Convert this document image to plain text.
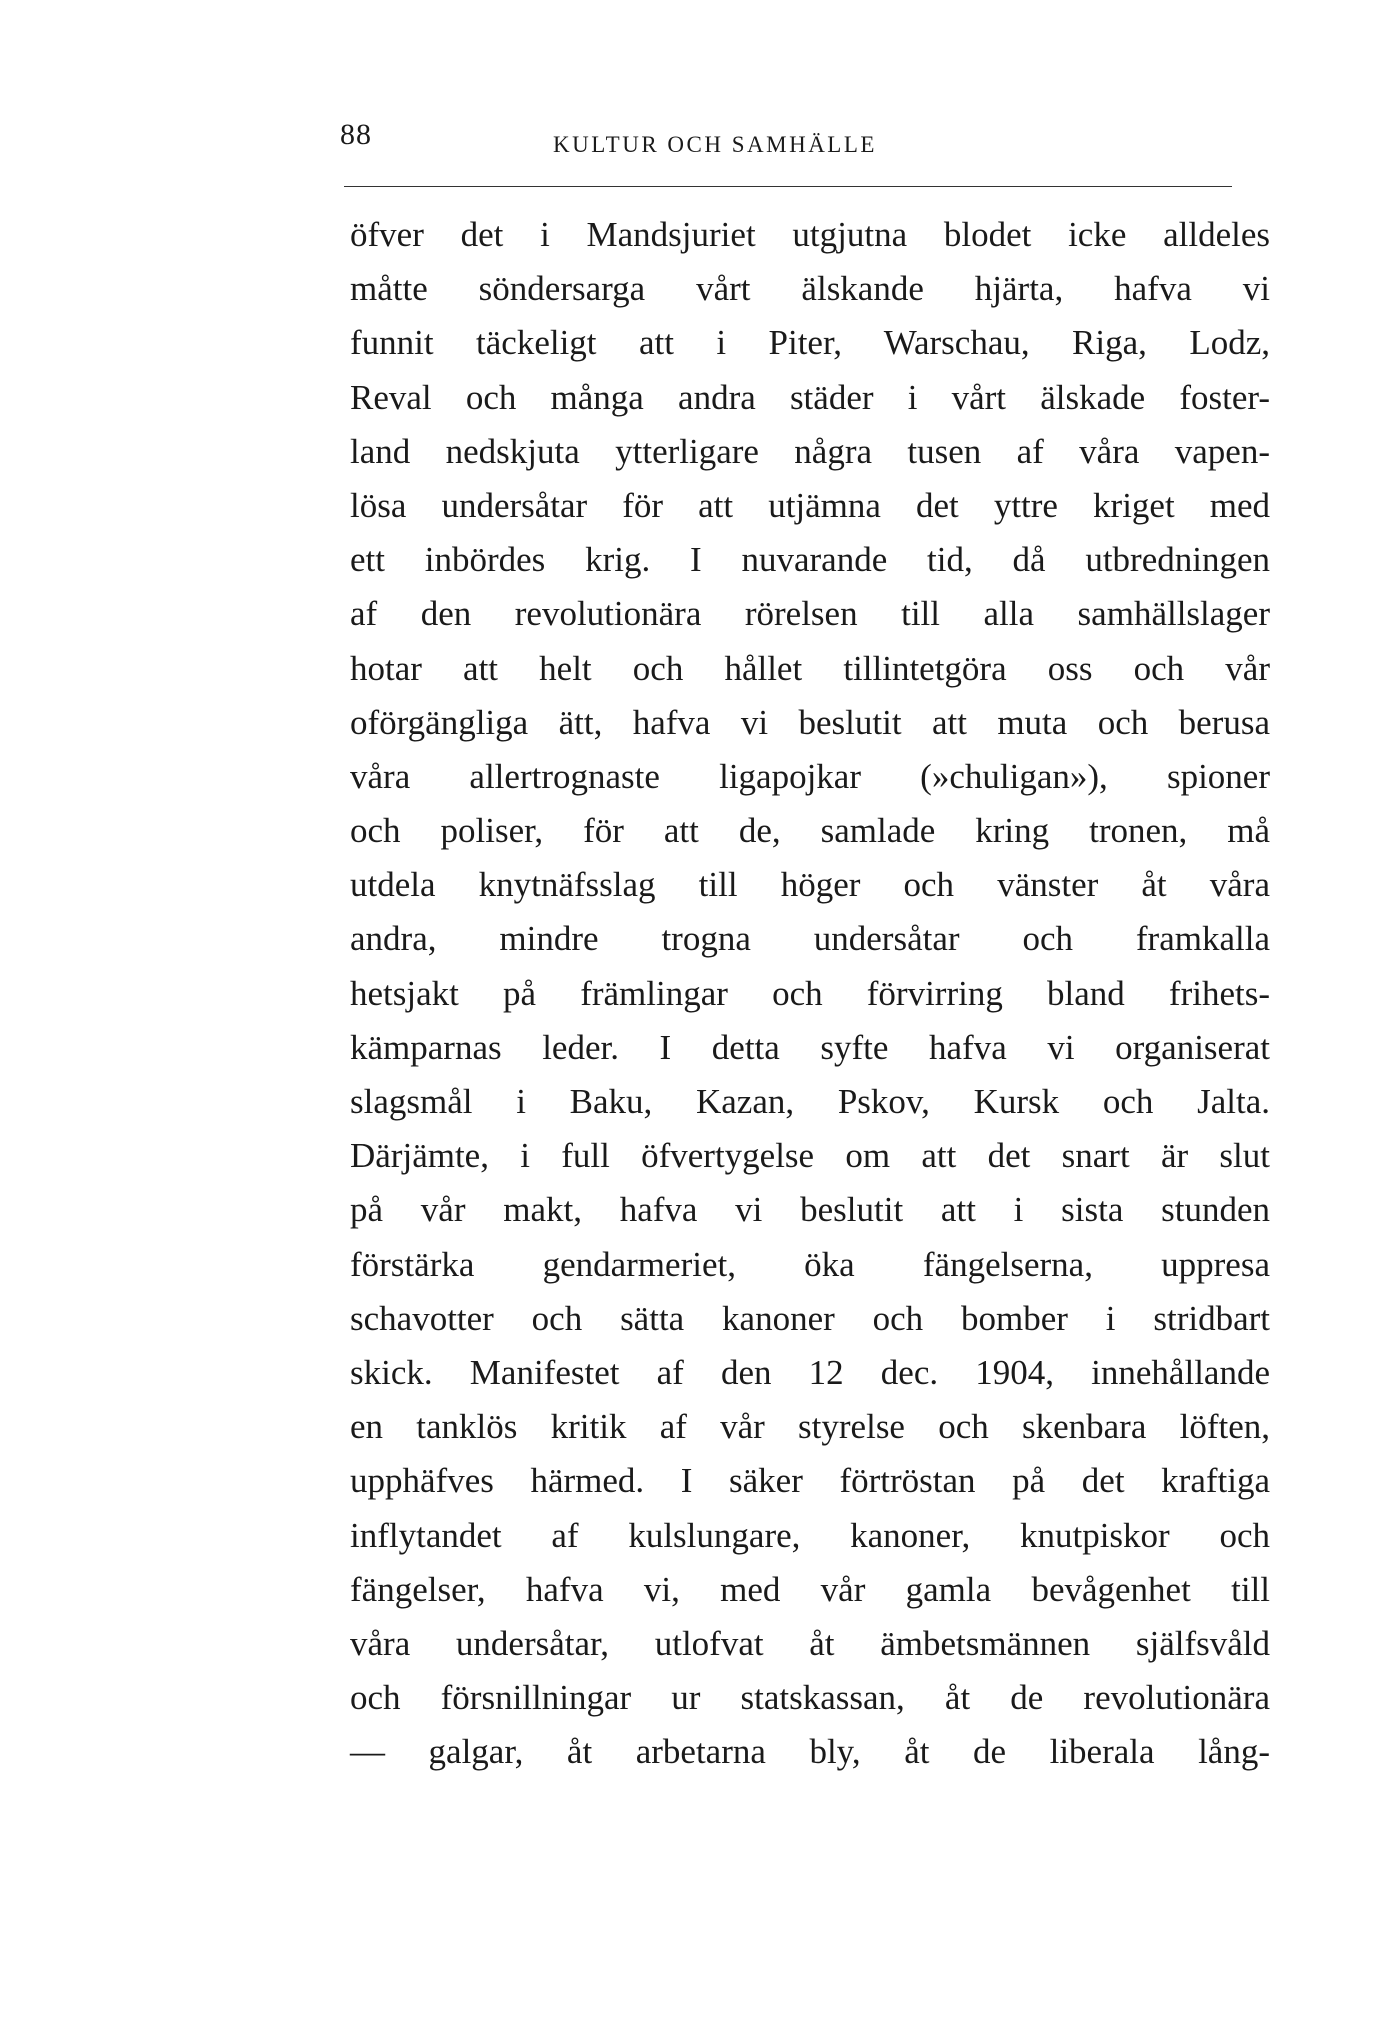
88	KULTUR OCH SAMHÄLLE
öfver det i Mandsjuriet utgjutna blodet icke alldeles
måtte söndersarga vårt älskande hjärta, hafva vi
funnit täckeligt att i Piter, Warschau, Riga, Lodz,
Reval och många andra städer i vårt älskade foster-
land nedskjuta ytterligare några tusen af våra vapen-
lösa undersåtar för att utjämna det yttre kriget med
ett inbördes krig. I nuvarande tid, då utbredningen
af den revolutionära rörelsen till alla samhällslager
hotar att helt och hållet tillintetgöra oss och vår
oförgängliga ätt, hafva vi beslutit att muta och berusa
våra allertrognaste ligapojkar (»chuligan»), spioner
och poliser, för att de, samlade kring tronen, må
utdela knytnäfsslag till höger och vänster åt våra
andra, mindre trogna undersåtar och framkalla
hetsjakt på främlingar och förvirring bland frihets-
kämparnas leder. I detta syfte hafva vi organiserat
slagsmål i Baku, Kazan, Pskov, Kursk och Jalta.
Därjämte, i full öfvertygelse om att det snart är slut
på vår makt, hafva vi beslutit att i sista stunden
förstärka gendarmeriet, öka fängelserna, uppresa
schavotter och sätta kanoner och bomber i stridbart
skick. Manifestet af den 12 dec. 1904, innehållande
en tanklös kritik af vår styrelse och skenbara löften,
upphäfves härmed. I säker förtröstan på det kraftiga
inflytandet af kulslungare, kanoner, knutpiskor och
fängelser, hafva vi, med vår gamla bevågenhet till
våra undersåtar, utlofvat åt ämbetsmännen själfsvåld
och försnillningar ur statskassan, åt de revolutionära
— galgar, åt arbetarna bly, åt de liberala lång-
